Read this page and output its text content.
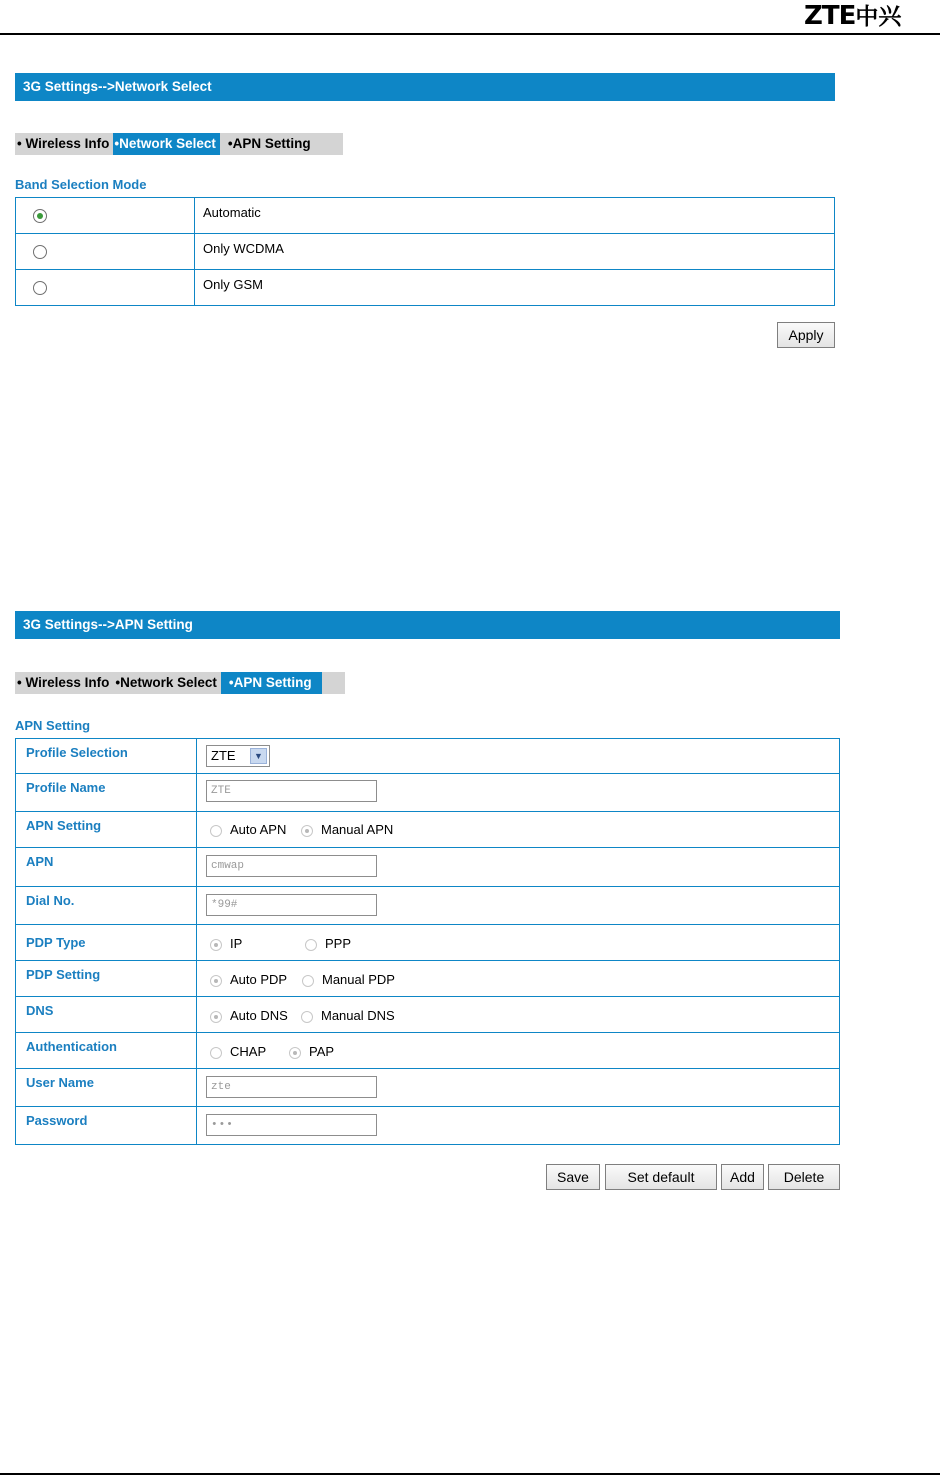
ZTE中兴
3G Settings-->Network Select
• Wireless Info •Network Select •APN Setting
Band Selection Mode
	Automatic
	Only WCDMA
	Only GSM
Apply
3G Settings-->APN Setting
• Wireless Info •Network Select •APN Setting
APN Setting
Profile Selection	ZTE ▼

Profile Name	ZTE

APN Setting	Auto APN Manual APN

APN	cmwap

Dial No.	*99#

PDP Type	IP PPP

PDP Setting	Auto PDP Manual PDP

DNS	Auto DNS Manual DNS

Authentication	CHAP PAP

User Name	zte

Password	•••
Save	Set default	Add	Delete
